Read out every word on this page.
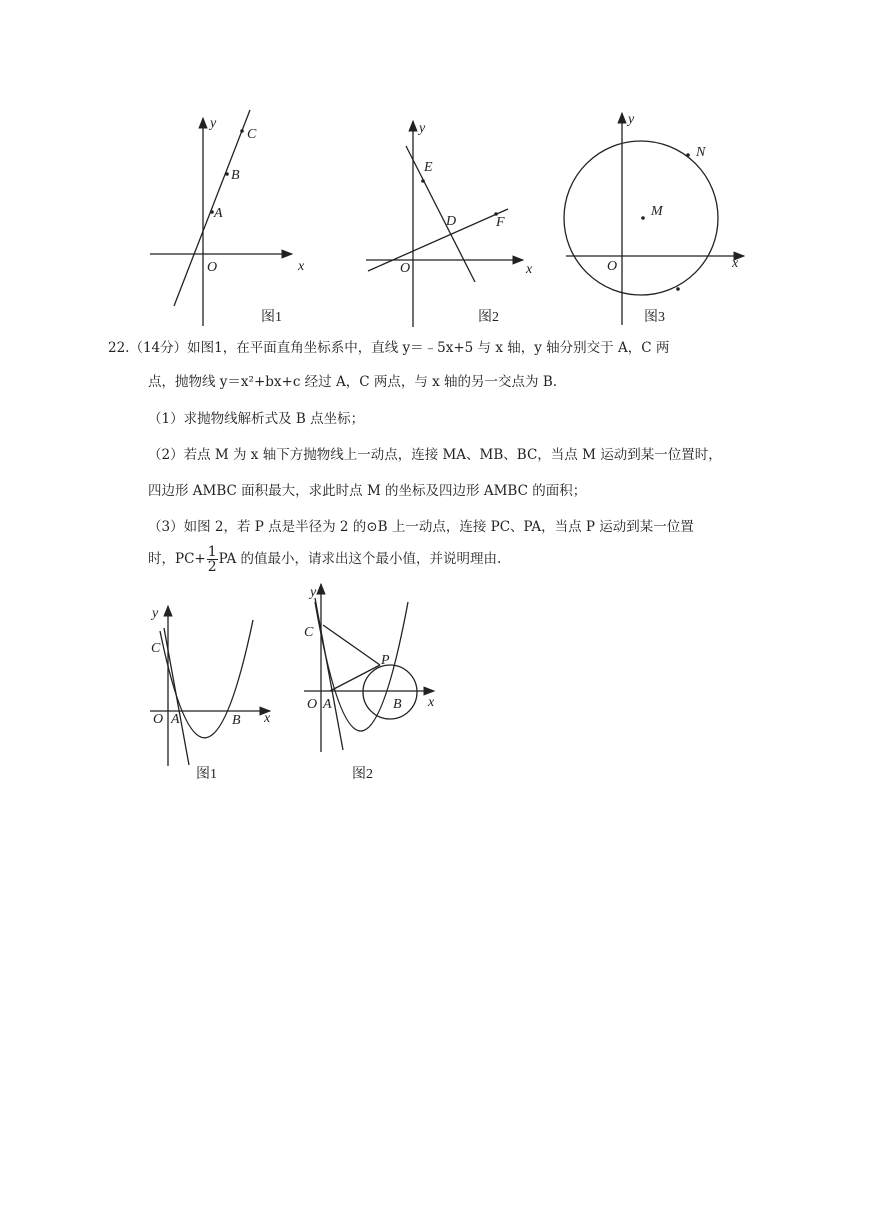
y
x
O
A
B
C
图1
y
x
O
E
D	F
图2
y
x
O
M
N
图3
22.（14分）如图1，在平面直角坐标系中，直线 y＝﹣5x+5 与 x 轴，y 轴分别交于 A，C 两
点，抛物线 y＝x²+bx+c 经过 A，C 两点，与 x 轴的另一交点为 B.
（1）求抛物线解析式及 B 点坐标；
（2）若点 M 为 x 轴下方抛物线上一动点，连接 MA、MB、BC，当点 M 运动到某一位置时，
四边形 AMBC 面积最大，求此时点 M 的坐标及四边形 AMBC 的面积；
（3）如图 2，若 P 点是半径为 2 的⊙B 上一动点，连接 PC、PA，当点 P 运动到某一位置
时，$PC+ \frac{1}{2}$ PA 的值最小，请求出这个最小值，并说明理由.
y
x
C
O A	B
图1
y
x
C
P
O A	B
图2
